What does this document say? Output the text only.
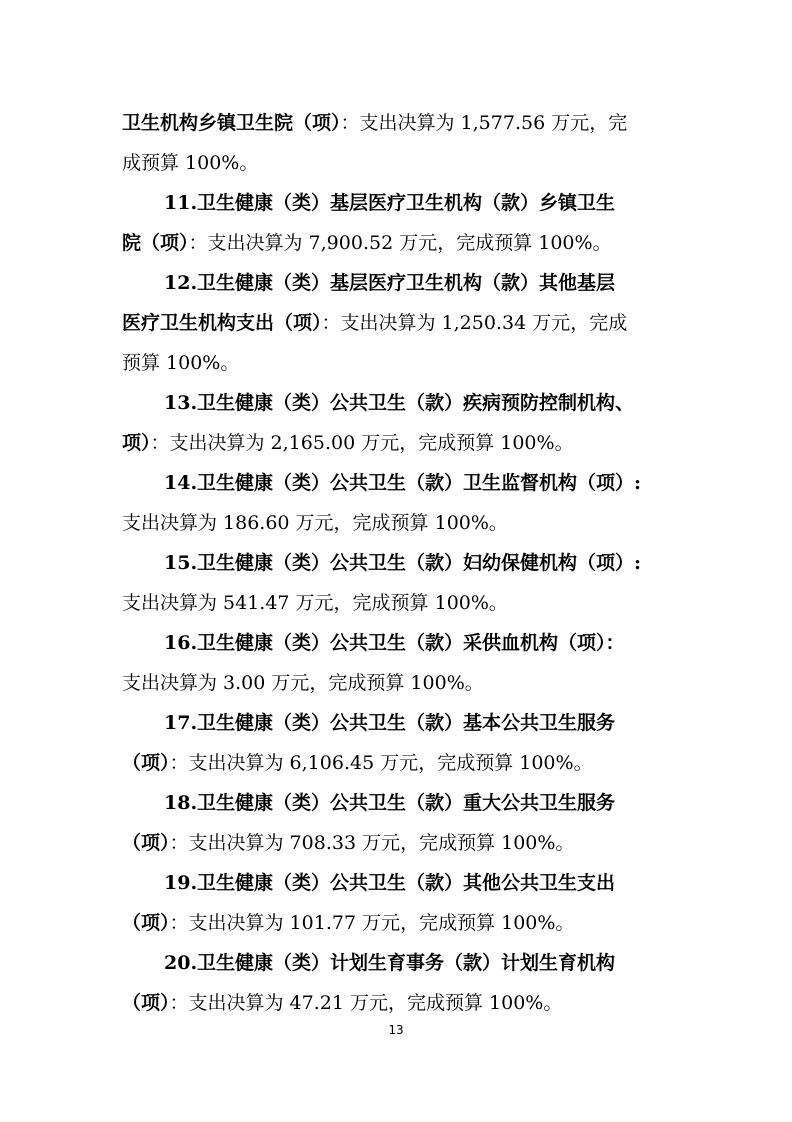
卫生机构乡镇卫生院（项）：支出决算为 1,577.56 万元，完
成预算 100%。
11.卫生健康（类）基层医疗卫生机构（款）乡镇卫生
院（项）：支出决算为 7,900.52 万元，完成预算 100%。
12.卫生健康（类）基层医疗卫生机构（款）其他基层
医疗卫生机构支出（项）：支出决算为 1,250.34 万元，完成
预算 100%。
13.卫生健康（类）公共卫生（款）疾病预防控制机构、
项）：支出决算为 2,165.00 万元，完成预算 100%。
14.卫生健康（类）公共卫生（款）卫生监督机构（项）:
支出决算为 186.60 万元，完成预算 100%。
15.卫生健康（类）公共卫生（款）妇幼保健机构（项）:
支出决算为 541.47 万元，完成预算 100%。
16.卫生健康（类）公共卫生（款）采供血机构（项）：
支出决算为 3.00 万元，完成预算 100%。
17.卫生健康（类）公共卫生（款）基本公共卫生服务
（项）：支出决算为 6,106.45 万元，完成预算 100%。
18.卫生健康（类）公共卫生（款）重大公共卫生服务
（项）：支出决算为 708.33 万元，完成预算 100%。
19.卫生健康（类）公共卫生（款）其他公共卫生支出
（项）：支出决算为 101.77 万元，完成预算 100%。
20.卫生健康（类）计划生育事务（款）计划生育机构
（项）：支出决算为 47.21 万元，完成预算 100%。
13
